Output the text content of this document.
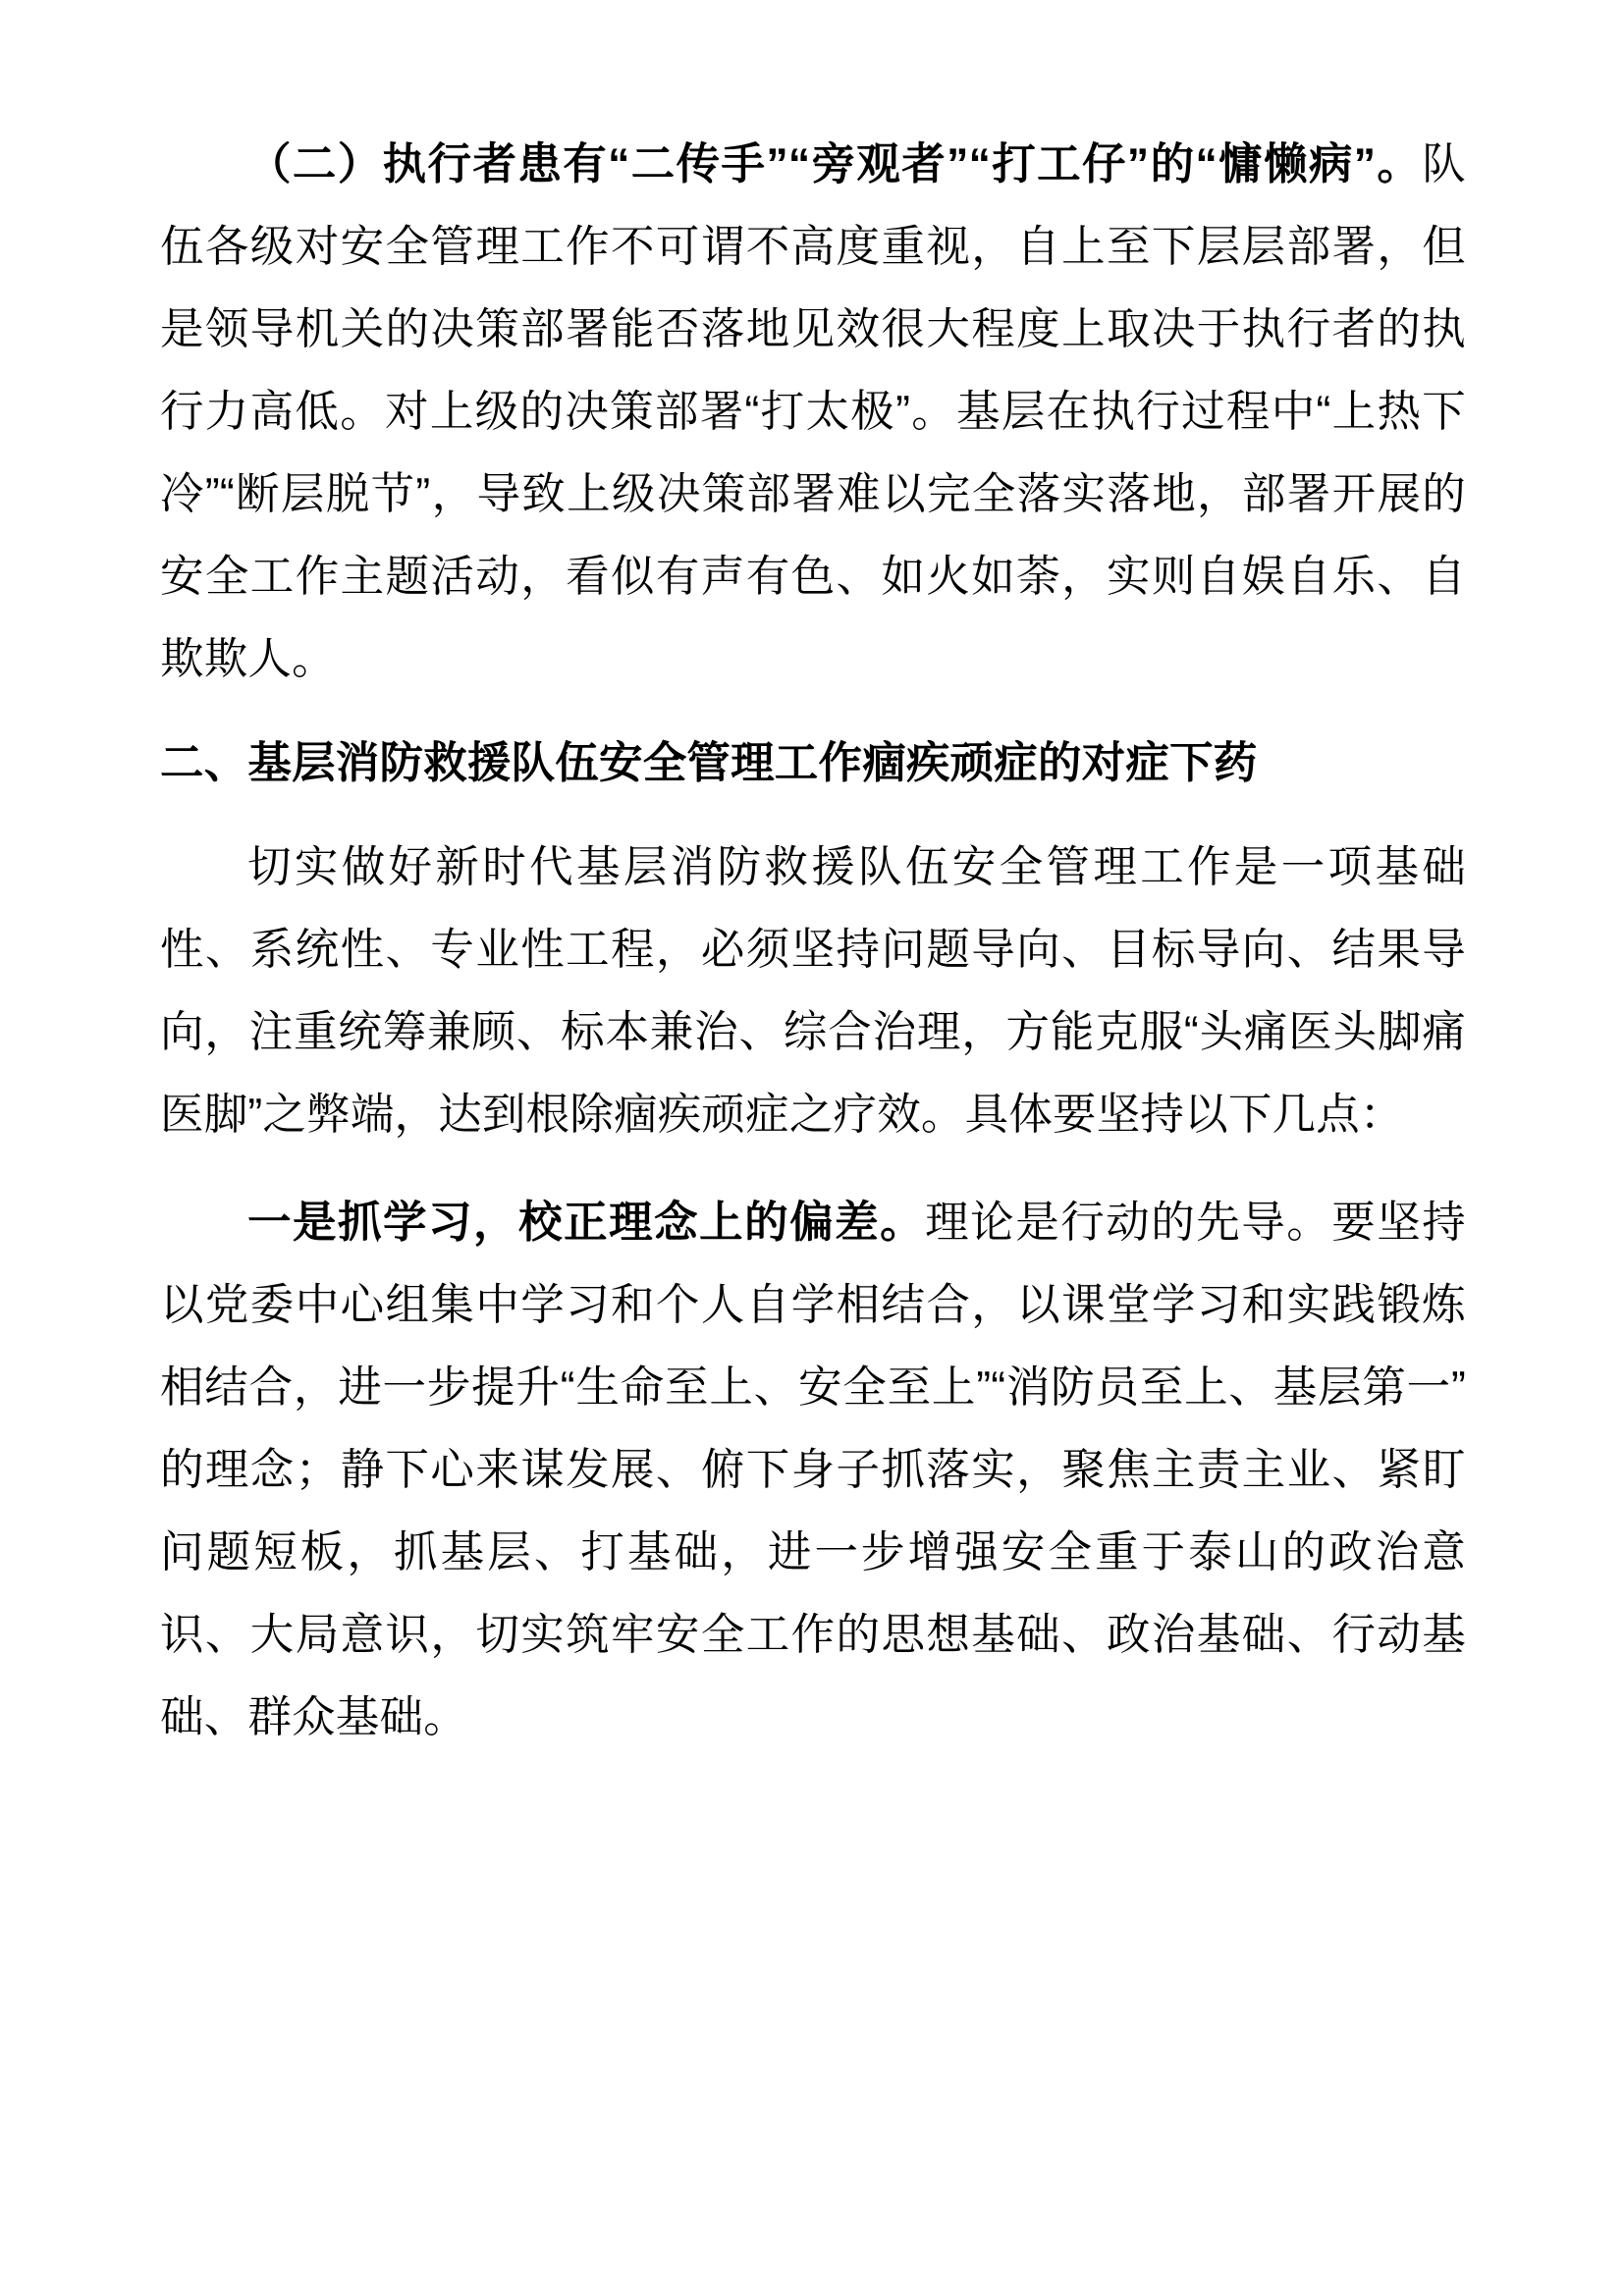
（二）执行者患有“二传手”“旁观者”“打工仔”的“慵懒病”。队伍各级对安全管理工作不可谓不高度重视，自上至下层层部署，但是领导机关的决策部署能否落地见效很大程度上取决于执行者的执行力高低。对上级的决策部署“打太极”。基层在执行过程中“上热下冷”“断层脱节”，导致上级决策部署难以完全落实落地，部署开展的安全工作主题活动，看似有声有色、如火如荼，实则自娱自乐、自欺欺人。

二、基层消防救援队伍安全管理工作痼疾顽症的对症下药

切实做好新时代基层消防救援队伍安全管理工作是一项基础性、系统性、专业性工程，必须坚持问题导向、目标导向、结果导向，注重统筹兼顾、标本兼治、综合治理，方能克服“头痛医头脚痛医脚”之弊端，达到根除痼疾顽症之疗效。具体要坚持以下几点：

一是抓学习，校正理念上的偏差。理论是行动的先导。要坚持以党委中心组集中学习和个人自学相结合，以课堂学习和实践锻炼相结合，进一步提升“生命至上、安全至上”“消防员至上、基层第一”的理念；静下心来谋发展、俯下身子抓落实，聚焦主责主业、紧盯问题短板，抓基层、打基础，进一步增强安全重于泰山的政治意识、大局意识，切实筑牢安全工作的思想基础、政治基础、行动基础、群众基础。
